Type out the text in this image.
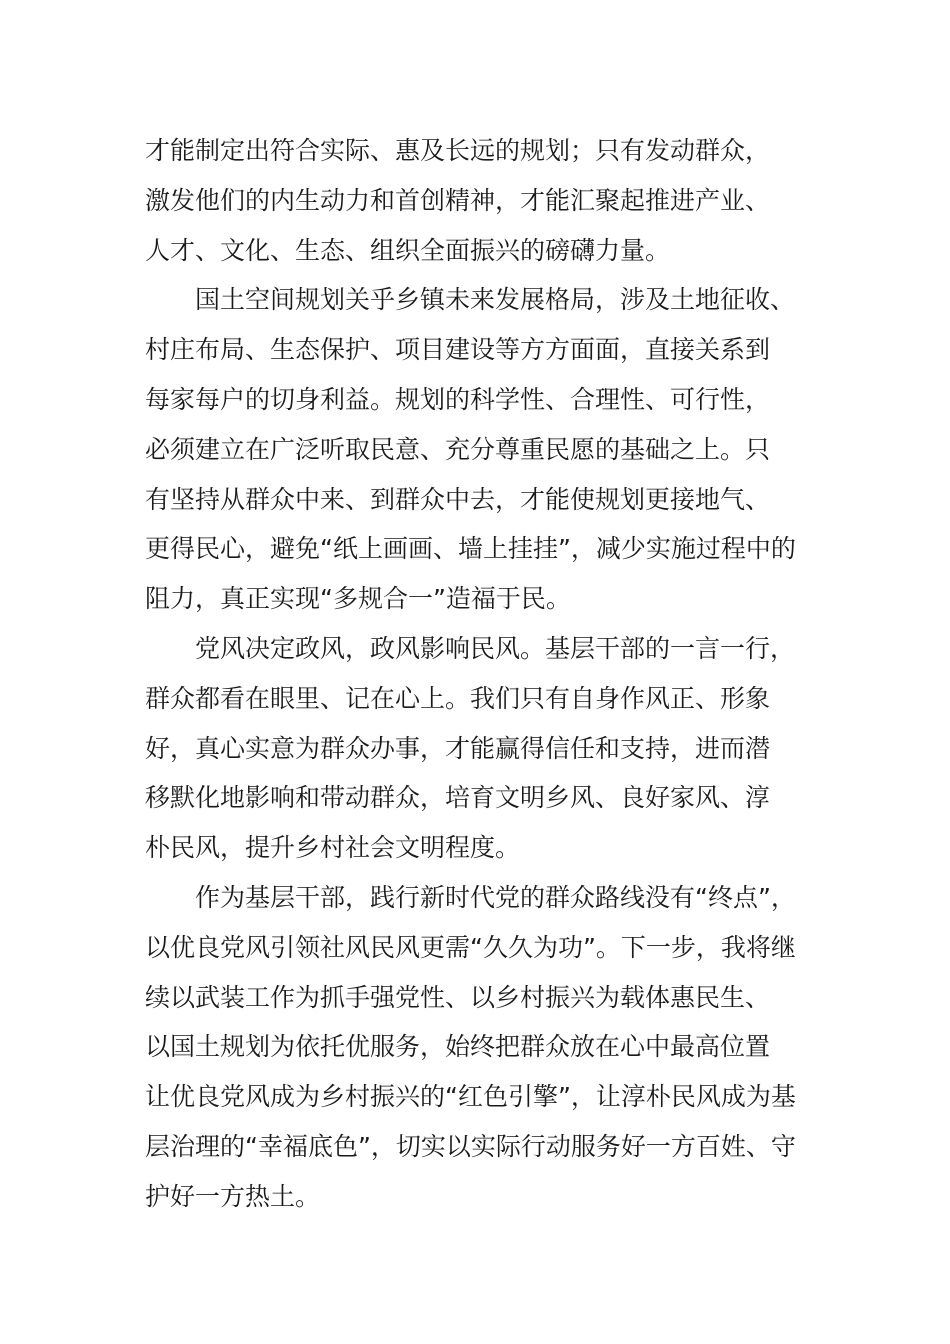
才能制定出符合实际、惠及长远的规划；只有发动群众，
激发他们的内生动力和首创精神，才能汇聚起推进产业、
人才、文化、生态、组织全面振兴的磅礴力量。
国土空间规划关乎乡镇未来发展格局，涉及土地征收、
村庄布局、生态保护、项目建设等方方面面，直接关系到
每家每户的切身利益。规划的科学性、合理性、可行性，
必须建立在广泛听取民意、充分尊重民愿的基础之上。只
有坚持从群众中来、到群众中去，才能使规划更接地气、
更得民心，避免“纸上画画、墙上挂挂”，减少实施过程中的
阻力，真正实现“多规合一”造福于民。
党风决定政风，政风影响民风。基层干部的一言一行，
群众都看在眼里、记在心上。我们只有自身作风正、形象
好，真心实意为群众办事，才能赢得信任和支持，进而潜
移默化地影响和带动群众，培育文明乡风、良好家风、淳
朴民风，提升乡村社会文明程度。
作为基层干部，践行新时代党的群众路线没有“终点”，
以优良党风引领社风民风更需“久久为功”。下一步，我将继
续以武装工作为抓手强党性、以乡村振兴为载体惠民生、
以国土规划为依托优服务，始终把群众放在心中最高位置
让优良党风成为乡村振兴的“红色引擎”，让淳朴民风成为基
层治理的“幸福底色”，切实以实际行动服务好一方百姓、守
护好一方热土。
